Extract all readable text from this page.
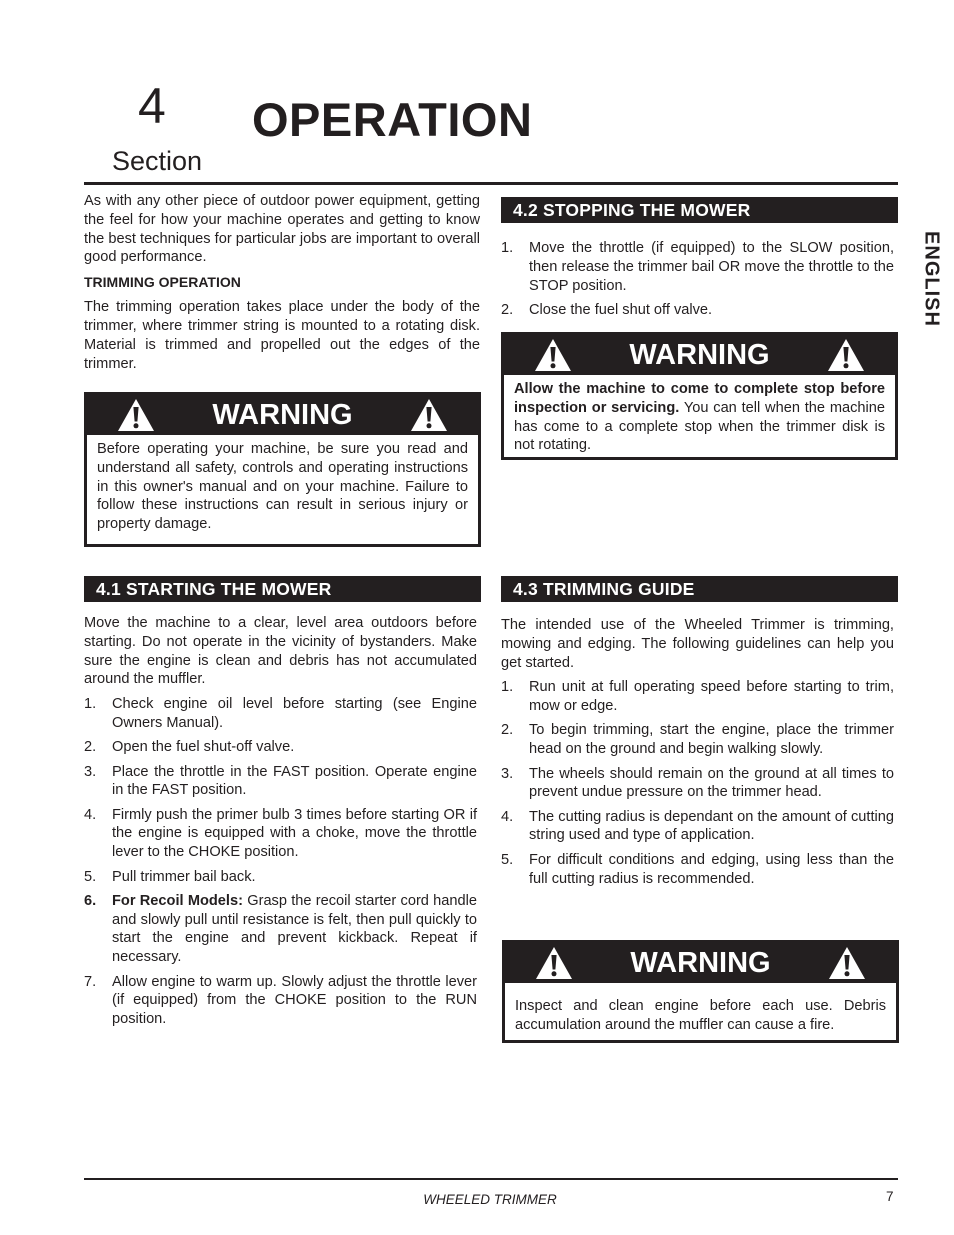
4 OPERATION
Section
ENGLISH

As with any other piece of outdoor power equipment, getting the feel for how your machine operates and getting to know the best techniques for particular jobs are important to overall good performance.

TRIMMING OPERATION

The trimming operation takes place under the body of the trimmer, where trimmer string is mounted to a rotating disk. Material is trimmed and propelled out the edges of the trimmer.

WARNING
Before operating your machine, be sure you read and understand all safety, controls and operating instructions in this owner's manual and on your machine. Failure to follow these instructions can result in serious injury or property damage.
4.1 STARTING THE MOWER

Move the machine to a clear, level area outdoors before starting. Do not operate in the vicinity of bystanders. Make sure the engine is clean and debris has not accumulated around the muffler.

1. Check engine oil level before starting (see Engine Owners Manual).
2. Open the fuel shut-off valve.
3. Place the throttle in the FAST position. Operate engine in the FAST position.
4. Firmly push the primer bulb 3 times before starting OR if the engine is equipped with a choke, move the throttle lever to the CHOKE position.
5. Pull trimmer bail back.
6. For Recoil Models: Grasp the recoil starter cord handle and slowly pull until resistance is felt, then pull quickly to start the engine and prevent kickback. Repeat if necessary.
7. Allow engine to warm up. Slowly adjust the throttle lever (if equipped) from the CHOKE position to the RUN position.
4.2 STOPPING THE MOWER
1. Move the throttle (if equipped) to the SLOW position, then release the trimmer bail OR move the throttle to the STOP position.
2. Close the fuel shut off valve.
WARNING
Allow the machine to come to complete stop before inspection or servicing. You can tell when the machine has come to a complete stop when the trimmer disk is not rotating.
4.3 TRIMMING GUIDE

The intended use of the Wheeled Trimmer is trimming, mowing and edging. The following guidelines can help you get started.

1. Run unit at full operating speed before starting to trim, mow or edge.
2. To begin trimming, start the engine, place the trimmer head on the ground and begin walking slowly.
3. The wheels should remain on the ground at all times to prevent undue pressure on the trimmer head.
4. The cutting radius is dependant on the amount of cutting string used and type of application.
5. For difficult conditions and edging, using less than the full cutting radius is recommended.
WARNING
Inspect and clean engine before each use. Debris accumulation around the muffler can cause a fire.
WHEELED TRIMMER	7
